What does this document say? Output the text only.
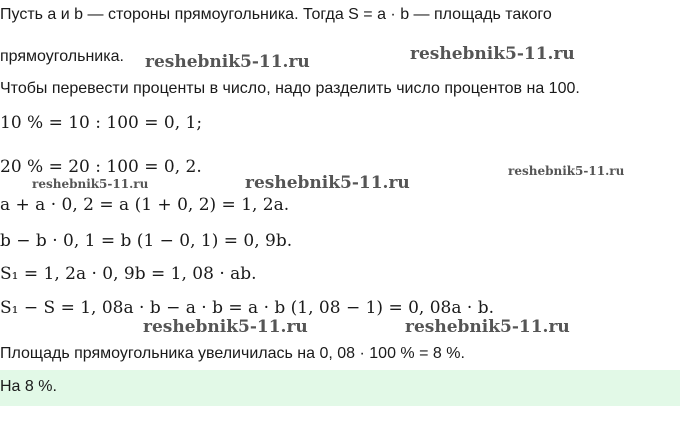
Пусть a и b — стороны прямоугольника. Тогда S = a · b — площадь такого
прямоугольника.
Чтобы перевести проценты в число, надо разделить число процентов на 100.
10 % = 10 : 100 = 0, 1;
20 % = 20 : 100 = 0, 2.
a + a · 0, 2 = a (1 + 0, 2) = 1, 2a.
b − b · 0, 1 = b (1 − 0, 1) = 0, 9b.
S₁ = 1, 2a · 0, 9b = 1, 08 · ab.
S₁ − S = 1, 08a · b − a · b = a · b (1, 08 − 1) = 0, 08a · b.
Площадь прямоугольника увеличилась на 0, 08 · 100 % = 8 %.
На 8 %.
reshebnik5-11.ru	reshebnik5-11.ru
reshebnik5-11.ru	reshebnik5-11.ru
reshebnik5-11.ru
reshebnik5-11.ru	reshebnik5-11.ru
